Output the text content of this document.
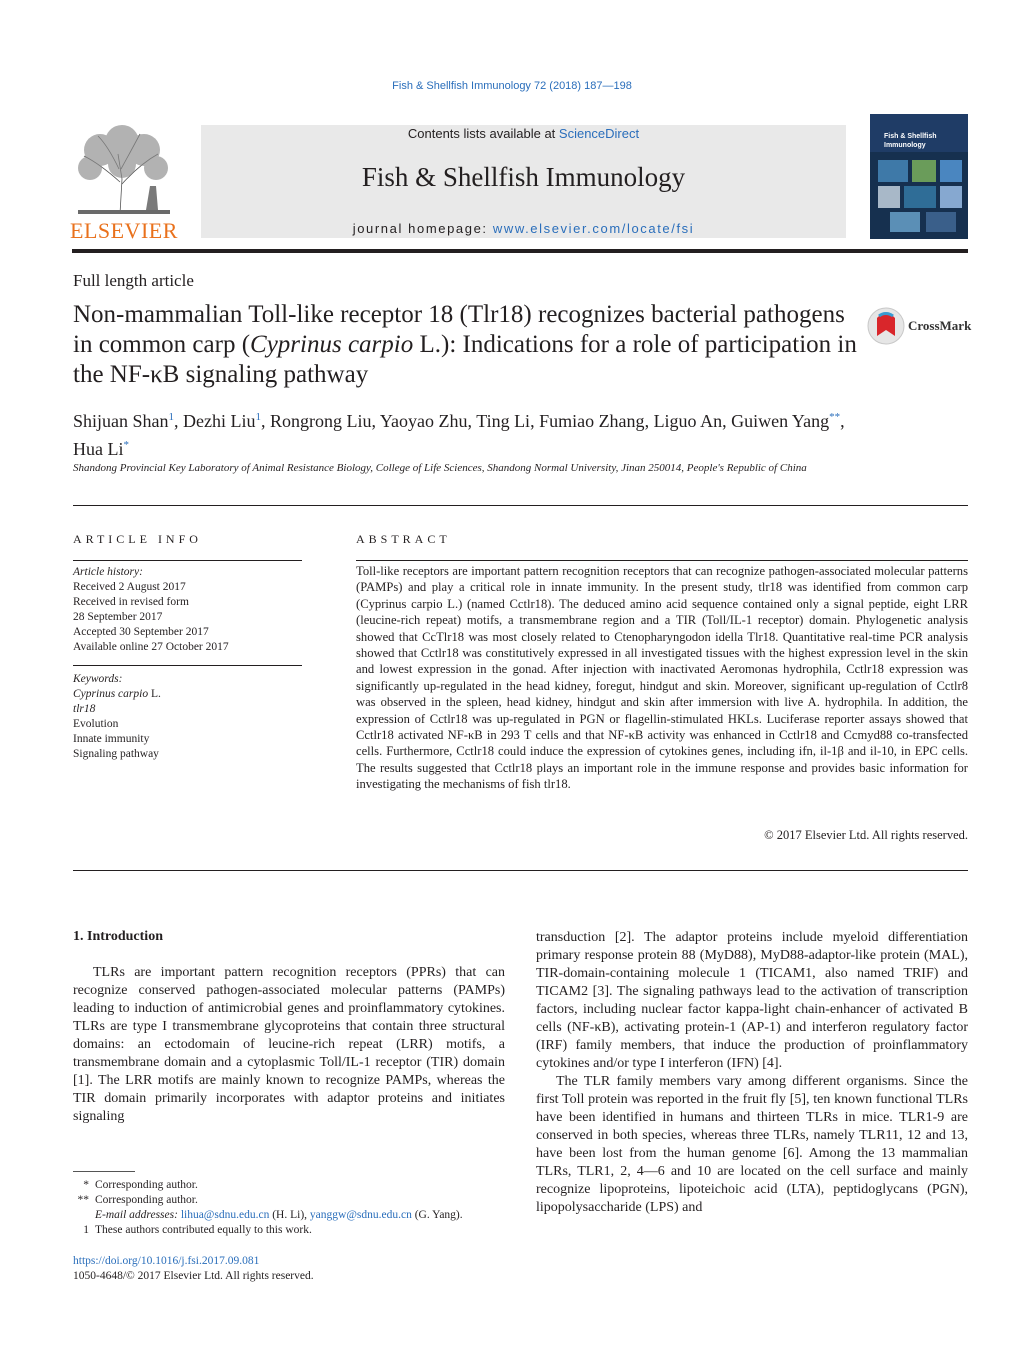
Fish & Shellfish Immunology 72 (2018) 187—198
ELSEVIER
Contents lists available at ScienceDirect
Fish & Shellfish Immunology
journal homepage: www.elsevier.com/locate/fsi
Fish & Shellfish Immunology
Full length article
Non-mammalian Toll-like receptor 18 (Tlr18) recognizes bacterial pathogens in common carp (Cyprinus carpio L.): Indications for a role of participation in the NF-κB signaling pathway
CrossMark
Shijuan Shan$^1$, Dezhi Liu$^1$, Rongrong Liu, Yaoyao Zhu, Ting Li, Fumiao Zhang, Liguo An, Guiwen Yang**, Hua Li*
Shandong Provincial Key Laboratory of Animal Resistance Biology, College of Life Sciences, Shandong Normal University, Jinan 250014, People's Republic of China
ARTICLE INFO
Article history:
Received 2 August 2017
Received in revised form
28 September 2017
Accepted 30 September 2017
Available online 27 October 2017
Keywords:
Cyprinus carpio L.
tlr18
Evolution
Innate immunity
Signaling pathway
ABSTRACT
Toll-like receptors are important pattern recognition receptors that can recognize pathogen-associated molecular patterns (PAMPs) and play a critical role in innate immunity. In the present study, tlr18 was identified from common carp (Cyprinus carpio L.) (named Cctlr18). The deduced amino acid sequence contained only a signal peptide, eight LRR (leucine-rich repeat) motifs, a transmembrane region and a TIR (Toll/IL-1 receptor) domain. Phylogenetic analysis showed that CcTlr18 was most closely related to Ctenopharyngodon idella Tlr18. Quantitative real-time PCR analysis showed that Cctlr18 was constitutively expressed in all investigated tissues with the highest expression level in the skin and lowest expression in the gonad. After injection with inactivated Aeromonas hydrophila, Cctlr18 expression was significantly up-regulated in the head kidney, foregut, hindgut and skin. Moreover, significant up-regulation of Cctlr8 was observed in the spleen, head kidney, hindgut and skin after immersion with live A. hydrophila. In addition, the expression of Cctlr18 was up-regulated in PGN or flagellin-stimulated HKLs. Luciferase reporter assays showed that Cctlr18 activated NF-κB in 293 T cells and that NF-κB activity was enhanced in Cctlr18 and Ccmyd88 co-transfected cells. Furthermore, Cctlr18 could induce the expression of cytokines genes, including ifn, il-1β and il-10, in EPC cells. The results suggested that Cctlr18 plays an important role in the immune response and provides basic information for investigating the mechanisms of fish tlr18.
© 2017 Elsevier Ltd. All rights reserved.
1. Introduction

TLRs are important pattern recognition receptors (PPRs) that can recognize conserved pathogen-associated molecular patterns (PAMPs) leading to induction of antimicrobial genes and proinflammatory cytokines. TLRs are type I transmembrane glycoproteins that contain three structural domains: an ectodomain of leucine-rich repeat (LRR) motifs, a transmembrane domain and a cytoplasmic Toll/IL-1 receptor (TIR) domain [1]. The LRR motifs are mainly known to recognize PAMPs, whereas the TIR domain primarily incorporates with adaptor proteins and initiates signaling

transduction [2]. The adaptor proteins include myeloid differentiation primary response protein 88 (MyD88), MyD88-adaptor-like protein (MAL), TIR-domain-containing molecule 1 (TICAM1, also named TRIF) and TICAM2 [3]. The signaling pathways lead to the activation of transcription factors, including nuclear factor kappa-light chain-enhancer of activated B cells (NF-κB), activating protein-1 (AP-1) and interferon regulatory factor (IRF) family members, that induce the production of proinflammatory cytokines and/or type I interferon (IFN) [4].

The TLR family members vary among different organisms. Since the first Toll protein was reported in the fruit fly [5], ten known functional TLRs have been identified in humans and thirteen TLRs in mice. TLR1-9 are conserved in both species, whereas three TLRs, namely TLR11, 12 and 13, have been lost from the human genome [6]. Among the 13 mammalian TLRs, TLR1, 2, 4—6 and 10 are located on the cell surface and mainly recognize lipoproteins, lipoteichoic acid (LTA), peptidoglycans (PGN), lipopolysaccharide (LPS) and

* Corresponding author.
** Corresponding author.
E-mail addresses: lihua@sdnu.edu.cn (H. Li), yanggw@sdnu.edu.cn (G. Yang).
1 These authors contributed equally to this work.
https://doi.org/10.1016/j.fsi.2017.09.081
1050-4648/© 2017 Elsevier Ltd. All rights reserved.
